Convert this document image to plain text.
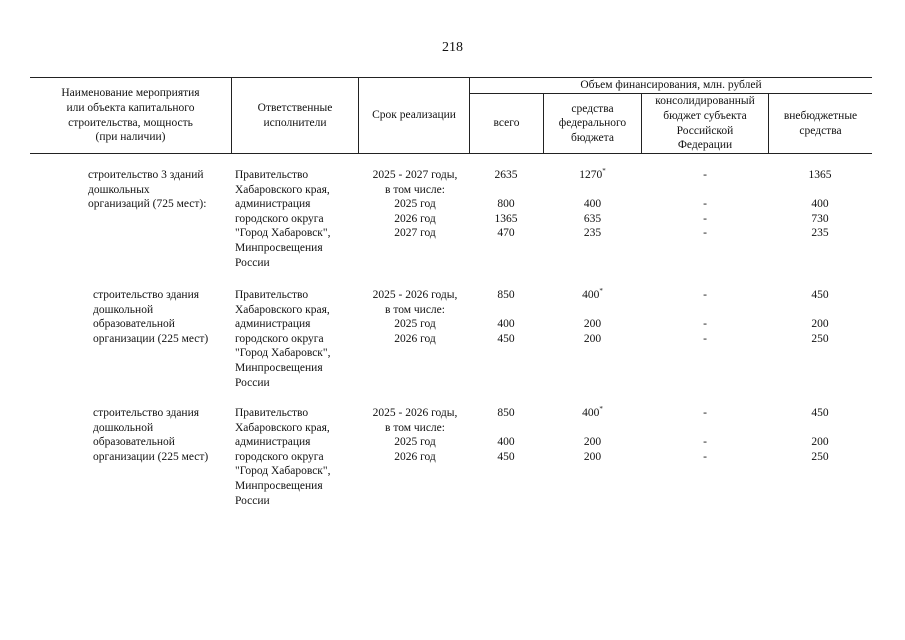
218
Наименование мероприятия
или объекта капитального
строительства, мощность
(при наличии)
Ответственные
исполнители
Срок реализации
Объем финансирования, млн. рублей
всего
средства
федерального
бюджета
консолидированный
бюджет субъекта
Российской
Федерации
внебюджетные
средства
строительство 3 зданий
дошкольных
организаций (725 мест):
Правительство
Хабаровского края,
администрация
городского округа
"Город Хабаровск",
Минпросвещения
России
2025 - 2027 годы,
в том числе:
2025 год
2026 год
2027 год
2635
800
1365
470
1270*
400
635
235
-
-
-
-
1365
400
730
235
строительство здания
дошкольной
образовательной
организации (225 мест)
Правительство
Хабаровского края,
администрация
городского округа
"Город Хабаровск",
Минпросвещения
России
2025 - 2026 годы,
в том числе:
2025 год
2026 год
850
400
450
400*
200
200
-
-
-
450
200
250
строительство здания
дошкольной
образовательной
организации (225 мест)
Правительство
Хабаровского края,
администрация
городского округа
"Город Хабаровск",
Минпросвещения
России
2025 - 2026 годы,
в том числе:
2025 год
2026 год
850
400
450
400*
200
200
-
-
-
450
200
250
